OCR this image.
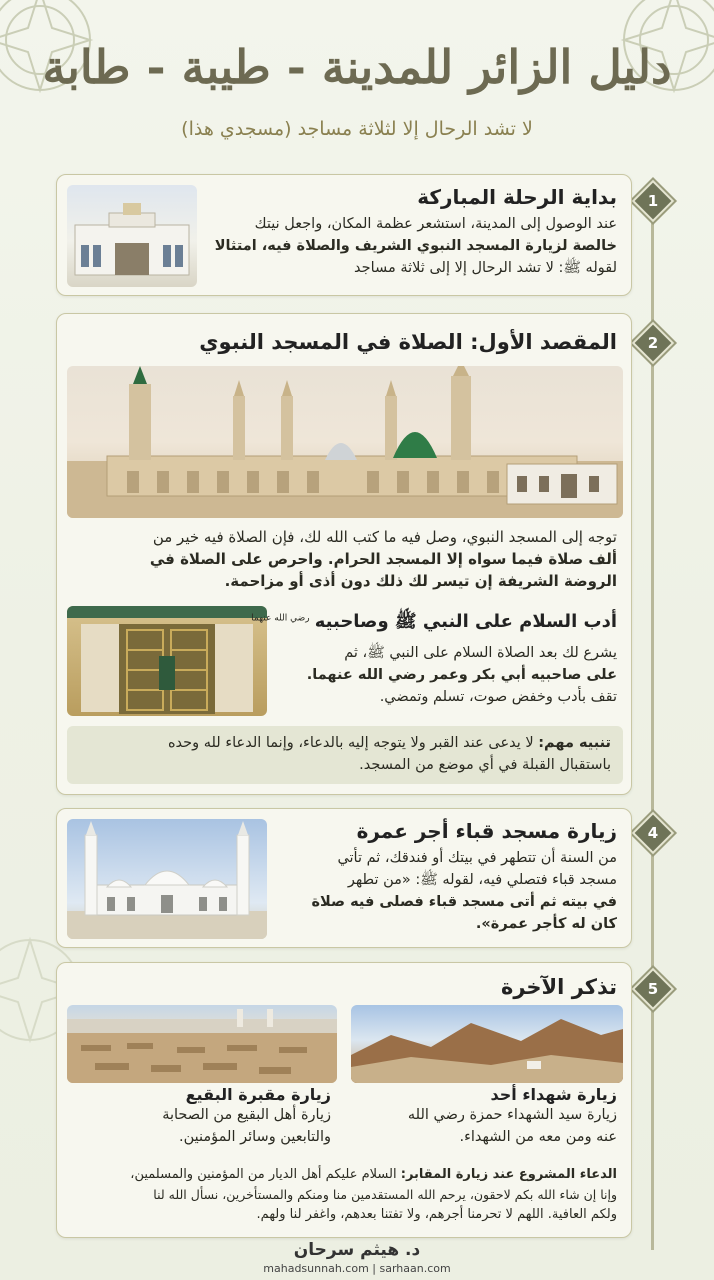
دليل الزائر للمدينة - طيبة - طابة
لا تشد الرحال إلا لثلاثة مساجد (مسجدي هذا)
1
بداية الرحلة المباركة
عند الوصول إلى المدينة، استشعر عظمة المكان، واجعل نيتك
خالصة لزيارة المسجد النبوي الشريف والصلاة فيه، امتثالا
لقوله ﷺ: لا تشد الرحال إلا إلى ثلاثة مساجد
2
المقصد الأول: الصلاة في المسجد النبوي
توجه إلى المسجد النبوي، وصل فيه ما كتب الله لك، فإن الصلاة فيه خير من
ألف صلاة فيما سواه إلا المسجد الحرام. واحرص على الصلاة في
الروضة الشريفة إن تيسر لك ذلك دون أذى أو مزاحمة.
أدب السلام على النبي ﷺ وصاحبيه $^{رضي الله عنهما}$
يشرع لك بعد الصلاة السلام على النبي ﷺ، ثم
على صاحبيه أبي بكر وعمر رضي الله عنهما.
تقف بأدب وخفض صوت، تسلم وتمضي.
تنبيه مهم: لا يدعى عند القبر ولا يتوجه إليه بالدعاء، وإنما الدعاء لله وحده
باستقبال القبلة في أي موضع من المسجد.
4
زيارة مسجد قباء أجر عمرة
من السنة أن تتطهر في بيتك أو فندقك، ثم تأتي
مسجد قباء فتصلي فيه، لقوله ﷺ: «من تطهر
في بيته ثم أتى مسجد قباء فصلى فيه صلاة
كان له كأجر عمرة».
5
تذكر الآخرة
زيارة شهداء أحد
زيارة سيد الشهداء حمزة رضي الله
عنه ومن معه من الشهداء.
زيارة مقبرة البقيع
زيارة أهل البقيع من الصحابة
والتابعين وسائر المؤمنين.
الدعاء المشروع عند زيارة المقابر: السلام عليكم أهل الديار من المؤمنين والمسلمين،
وإنا إن شاء الله بكم لاحقون، يرحم الله المستقدمين منا ومنكم والمستأخرين، نسأل الله لنا
ولكم العافية. اللهم لا تحرمنا أجرهم، ولا تفتنا بعدهم، واغفر لنا ولهم.
د. هيثم سرحان
mahadsunnah.com | sarhaan.com
